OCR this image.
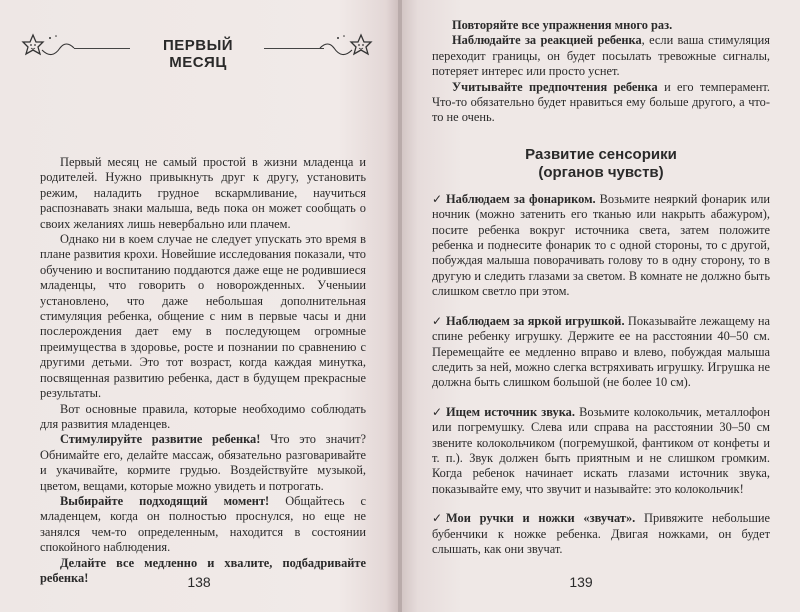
ПЕРВЫЙ МЕСЯЦ

Первый месяц не самый простой в жизни младенца и родителей. Нужно привыкнуть друг к другу, установить режим, наладить грудное вскармливание, научиться распознавать знаки малыша, ведь пока он может сообщать о своих желаниях лишь невербально или плачем.

Однако ни в коем случае не следует упускать это время в плане развития крохи. Новейшие исследования показали, что обучению и воспитанию поддаются даже еще не родившиеся младенцы, что говорить о новорожденных. Ученыии установлено, что даже небольшая дополнительная стимуляция ребенка, общение с ним в первые часы и дни послерождения дает ему в последующем огромные преимущества в здоровье, росте и познании по сравнению с другими детьми. Это тот возраст, когда каждая минутка, посвященная развитию ребенка, даст в будущем прекрасные результаты.

Вот основные правила, которые необходимо соблюдать для развития младенцев.

Стимулируйте развитие ребенка! Что это значит? Обнимайте его, делайте массаж, обязательно разговаривайте и укачивайте, кормите грудью. Воздействуйте музыкой, цветом, вещами, которые можно увидеть и потрогать.

Выбирайте подходящий момент! Общайтесь с младенцем, когда он полностью проснулся, но еще не занялся чем-то определенным, находится в состоянии спокойного наблюдения.

Делайте все медленно и хвалите, подбадривайте ребенка!	138

Повторяйте все упражнения много раз.

Наблюдайте за реакцией ребенка, если ваша стимуляция переходит границы, он будет посылать тревожные сигналы, потеряет интерес или просто уснет.

Учитывайте предпочтения ребенка и его темперамент. Что-то обязательно будет нравиться ему больше другого, а что-то не очень.

Развитие сенсорики
(органов чувств)

✓ Наблюдаем за фонариком. Возьмите неяркий фонарик или ночник (можно затенить его тканью или накрыть абажуром), посите ребенка вокруг источника света, затем положите ребенка и поднесите фонарик то с одной стороны, то с другой, побуждая малыша поворачивать голову то в одну сторону, то в другую и следить глазами за светом. В комнате не должно быть слишком светло при этом.

✓ Наблюдаем за яркой игрушкой. Показывайте лежащему на спине ребенку игрушку. Держите ее на расстоянии 40–50 см. Перемещайте ее медленно вправо и влево, побуждая малыша следить за ней, можно слегка встряхивать игрушку. Игрушка не должна быть слишком большой (не более 10 см).

✓ Ищем источник звука. Возьмите колокольчик, металлофон или погремушку. Слева или справа на расстоянии 30–50 см звените колокольчиком (погремушкой, фантиком от конфеты и т. п.). Звук должен быть приятным и не слишком громким. Когда ребенок начинает искать глазами источник звука, показывайте ему, что звучит и называйте: это колокольчик!

✓ Мои ручки и ножки «звучат». Привяжите небольшие бубенчики к ножке ребенка. Двигая ножками, он будет слышать, как они звучат.

139
